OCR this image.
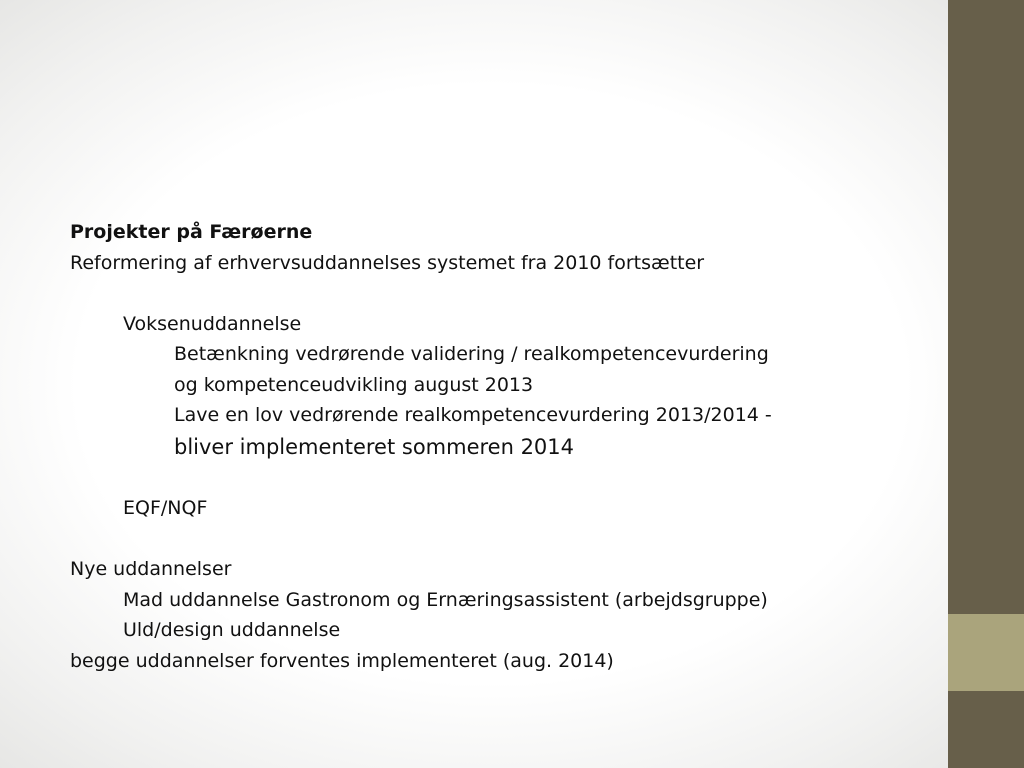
Projekter på Færøerne
Reformering af erhvervsuddannelses systemet fra 2010 fortsætter
Voksenuddannelse
Betænkning vedrørende validering / realkompetencevurdering
og kompetenceudvikling august 2013
Lave en lov vedrørende realkompetencevurdering 2013/2014 -
bliver implementeret sommeren 2014
EQF/NQF
Nye uddannelser
Mad uddannelse Gastronom og Ernæringsassistent (arbejdsgruppe)
Uld/design uddannelse
begge uddannelser forventes implementeret (aug. 2014)
